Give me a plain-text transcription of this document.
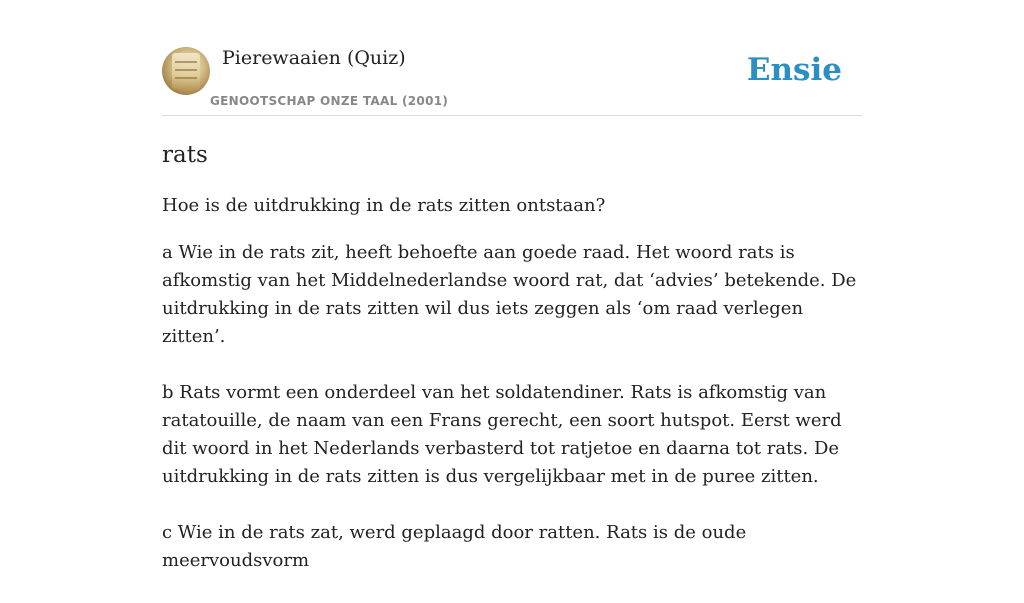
Pierewaaien (Quiz)
GENOOTSCHAP ONZE TAAL (2001)
Ensie
rats
Hoe is de uitdrukking in de rats zitten ontstaan?

a Wie in de rats zit, heeft behoefte aan goede raad. Het woord rats is afkomstig van het Middelnederlandse woord rat, dat ‘advies’ betekende. De uitdrukking in de rats zitten wil dus iets zeggen als ‘om raad verlegen zitten’.

b Rats vormt een onderdeel van het soldatendiner. Rats is afkomstig van ratatouille, de naam van een Frans gerecht, een soort hutspot. Eerst werd dit woord in het Nederlands verbasterd tot ratjetoe en daarna tot rats. De uitdrukking in de rats zitten is dus vergelijkbaar met in de puree zitten.

c Wie in de rats zat, werd geplaagd door ratten. Rats is de oude meervoudsvorm
